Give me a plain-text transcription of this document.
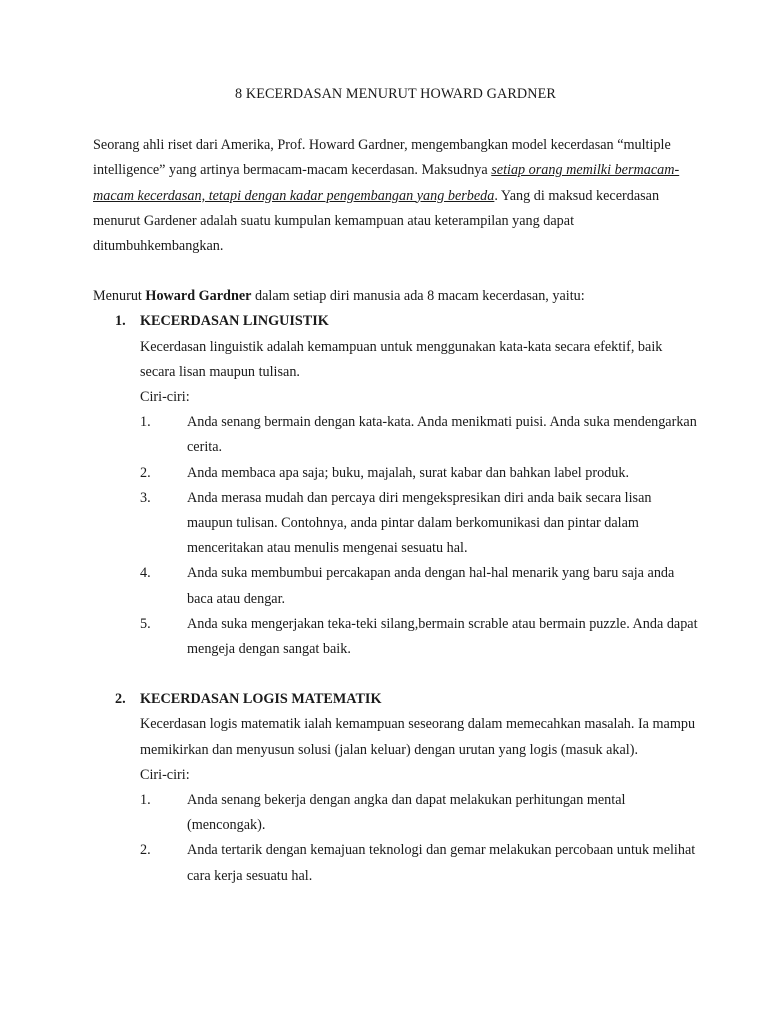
8 KECERDASAN MENURUT HOWARD GARDNER

Seorang ahli riset dari Amerika, Prof. Howard Gardner, mengembangkan model kecerdasan “multiple intelligence” yang artinya bermacam-macam kecerdasan. Maksudnya setiap orang memilki bermacam-macam kecerdasan, tetapi dengan kadar pengembangan yang berbeda. Yang di maksud kecerdasan menurut Gardener adalah suatu kumpulan kemampuan atau keterampilan yang dapat ditumbuhkembangkan.

Menurut Howard Gardner dalam setiap diri manusia ada 8 macam kecerdasan, yaitu:

1.	KECERDASAN LINGUISTIK

Kecerdasan linguistik adalah kemampuan untuk menggunakan kata-kata secara efektif, baik secara lisan maupun tulisan.

Ciri-ciri:

1.	Anda senang bermain dengan kata-kata. Anda menikmati puisi. Anda suka mendengarkan cerita.
2.	Anda membaca apa saja; buku, majalah, surat kabar dan bahkan label produk.
3.	Anda merasa mudah dan percaya diri mengekspresikan diri anda baik secara lisan maupun tulisan. Contohnya, anda pintar dalam berkomunikasi dan pintar dalam menceritakan atau menulis mengenai sesuatu hal.
4.	Anda suka membumbui percakapan anda dengan hal-hal menarik yang baru saja anda baca atau dengar.
5.	Anda suka mengerjakan teka-teki silang,bermain scrable atau bermain puzzle. Anda dapat mengeja dengan sangat baik.
2.	KECERDASAN LOGIS MATEMATIK

Kecerdasan logis matematik ialah kemampuan seseorang dalam memecahkan masalah. Ia mampu memikirkan dan menyusun solusi (jalan keluar) dengan urutan yang logis (masuk akal).

Ciri-ciri:

1.	Anda senang bekerja dengan angka dan dapat melakukan perhitungan mental (mencongak).
2.	Anda tertarik dengan kemajuan teknologi dan gemar melakukan percobaan untuk melihat cara kerja sesuatu hal.
